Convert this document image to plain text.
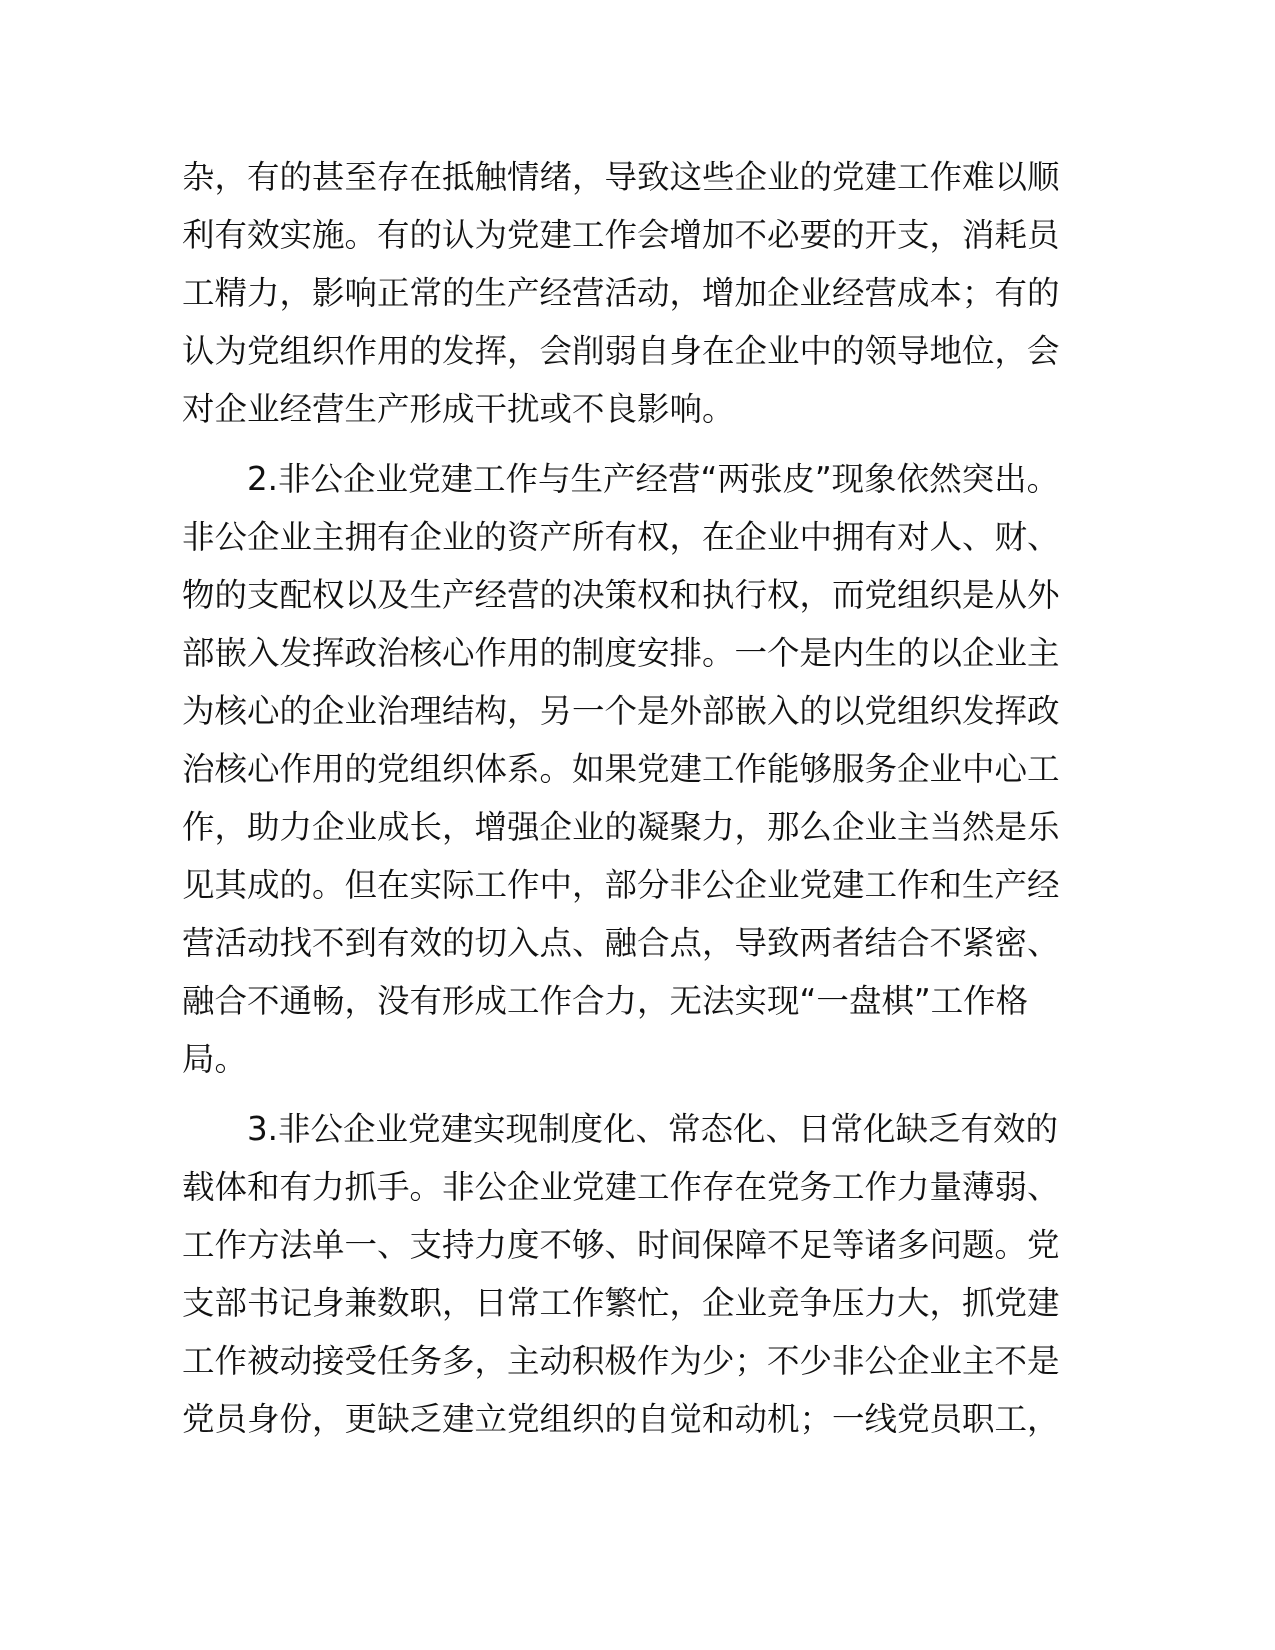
杂，有的甚至存在抵触情绪，导致这些企业的党建工作难以顺
利有效实施。有的认为党建工作会增加不必要的开支，消耗员
工精力，影响正常的生产经营活动，增加企业经营成本；有的
认为党组织作用的发挥，会削弱自身在企业中的领导地位，会
对企业经营生产形成干扰或不良影响。
2.非公企业党建工作与生产经营“两张皮”现象依然突出。
非公企业主拥有企业的资产所有权，在企业中拥有对人、财、
物的支配权以及生产经营的决策权和执行权，而党组织是从外
部嵌入发挥政治核心作用的制度安排。一个是内生的以企业主
为核心的企业治理结构，另一个是外部嵌入的以党组织发挥政
治核心作用的党组织体系。如果党建工作能够服务企业中心工
作，助力企业成长，增强企业的凝聚力，那么企业主当然是乐
见其成的。但在实际工作中，部分非公企业党建工作和生产经
营活动找不到有效的切入点、融合点，导致两者结合不紧密、
融合不通畅，没有形成工作合力，无法实现“一盘棋”工作格
局。
3.非公企业党建实现制度化、常态化、日常化缺乏有效的
载体和有力抓手。非公企业党建工作存在党务工作力量薄弱、
工作方法单一、支持力度不够、时间保障不足等诸多问题。党
支部书记身兼数职，日常工作繁忙，企业竞争压力大，抓党建
工作被动接受任务多，主动积极作为少；不少非公企业主不是
党员身份，更缺乏建立党组织的自觉和动机；一线党员职工，
